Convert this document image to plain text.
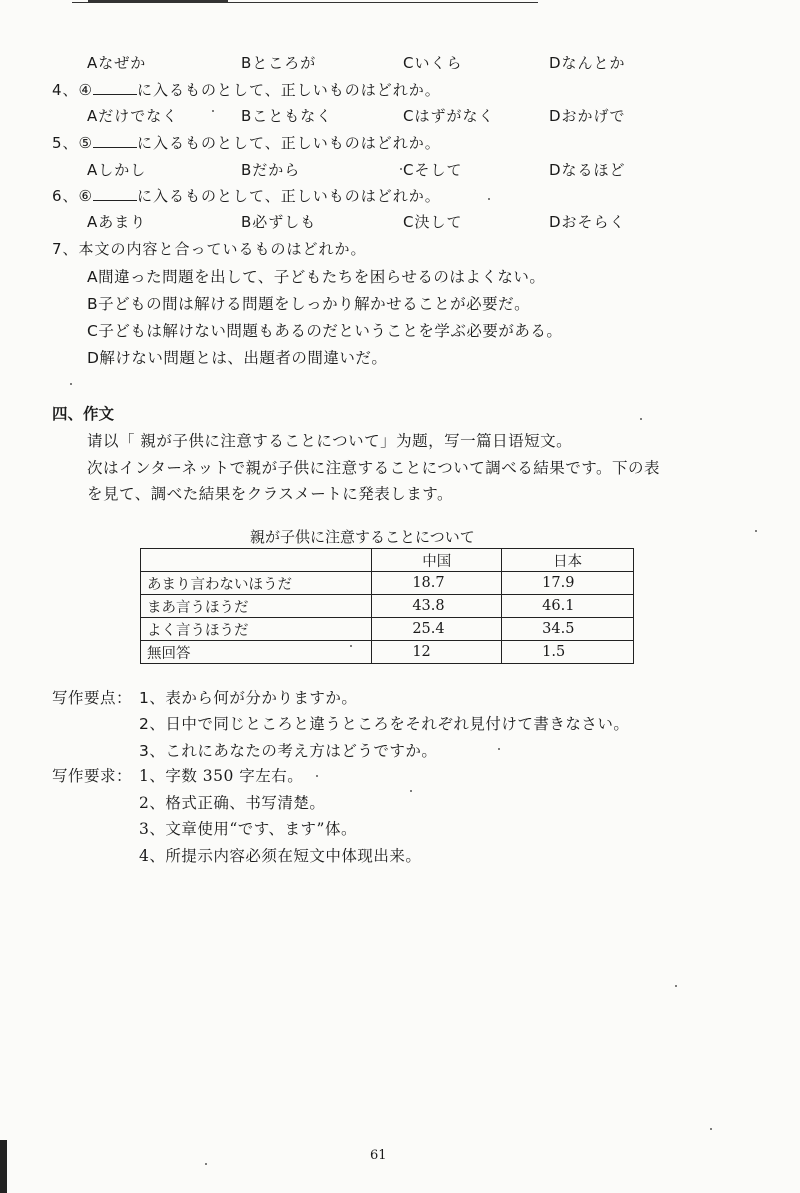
Aなぜか	Bところが	Cいくら	Dなんとか
4、④	に入るものとして、正しいものはどれか。
Aだけでなく	Bこともなく	Cはずがなく	Dおかげで
5、⑤	に入るものとして、正しいものはどれか。
Aしかし	Bだから	Cそして	Dなるほど
6、⑥	に入るものとして、正しいものはどれか。
Aあまり	B必ずしも	C決して	Dおそらく
7、本文の内容と合っているものはどれか。
A間違った問題を出して、子どもたちを困らせるのはよくない。
B子どもの間は解ける問題をしっかり解かせることが必要だ。
C子どもは解けない問題もあるのだということを学ぶ必要がある。
D解けない問題とは、出題者の間違いだ。
四、作文
请以「 親が子供に注意することについて」为题，写一篇日语短文。
次はインターネットで親が子供に注意することについて調べる結果です。下の表
を見て、調べた結果をクラスメートに発表します。
親が子供に注意することについて
	中国	日本
あまり言わないほうだ	18.7	17.9
まあ言うほうだ	43.8	46.1
よく言うほうだ	25.4	34.5
無回答	12	1.5
写作要点： 1、表から何が分かりますか。
2、日中で同じところと違うところをそれぞれ見付けて書きなさい。
3、これにあなたの考え方はどうですか。
写作要求： 1、字数 350 字左右。
2、格式正确、书写清楚。
3、文章使用“です、ます”体。
4、所提示内容必须在短文中体现出来。
61
